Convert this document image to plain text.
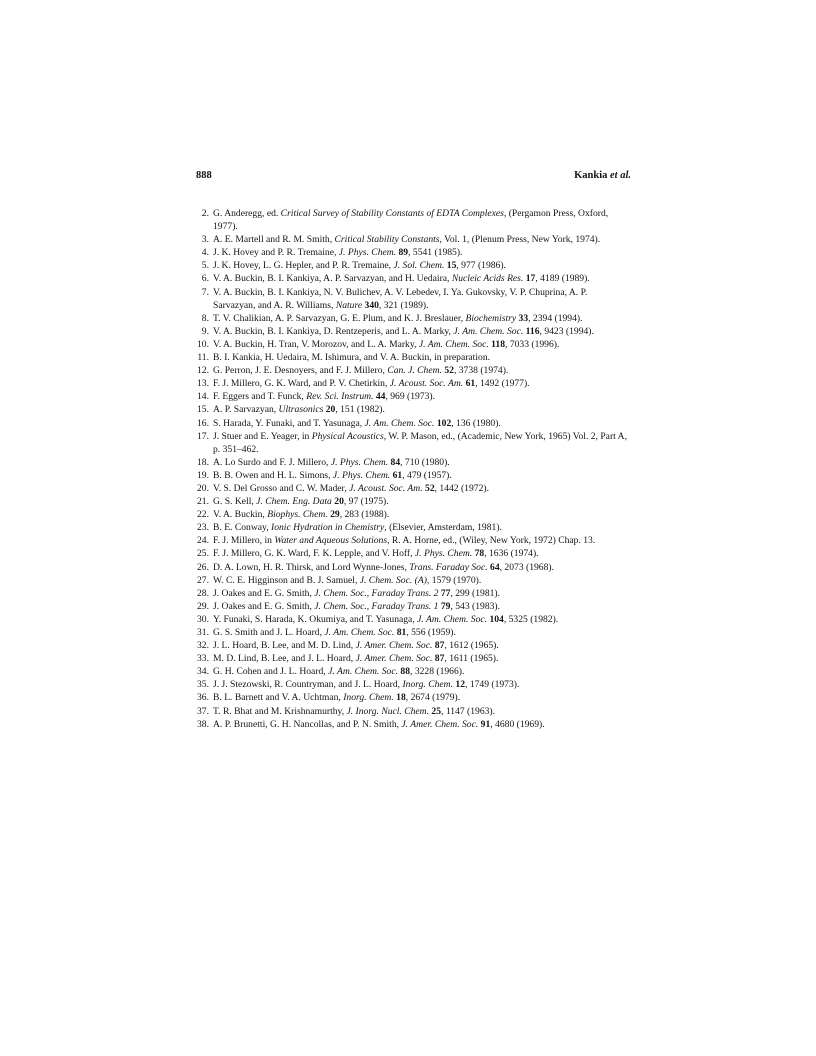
888	Kankia et al.
2. G. Anderegg, ed. Critical Survey of Stability Constants of EDTA Complexes, (Pergamon Press, Oxford, 1977).
3. A. E. Martell and R. M. Smith, Critical Stability Constants, Vol. 1, (Plenum Press, New York, 1974).
4. J. K. Hovey and P. R. Tremaine, J. Phys. Chem. 89, 5541 (1985).
5. J. K. Hovey, L. G. Hepler, and P. R. Tremaine, J. Sol. Chem. 15, 977 (1986).
6. V. A. Buckin, B. I. Kankiya, A. P. Sarvazyan, and H. Uedaira, Nucleic Acids Res. 17, 4189 (1989).
7. V. A. Buckin, B. I. Kankiya, N. V. Bulichev, A. V. Lebedev, I. Ya. Gukovsky, V. P. Chuprina, A. P. Sarvazyan, and A. R. Williams, Nature 340, 321 (1989).
8. T. V. Chalikian, A. P. Sarvazyan, G. E. Plum, and K. J. Breslauer, Biochemistry 33, 2394 (1994).
9. V. A. Buckin, B. I. Kankiya, D. Rentzeperis, and L. A. Marky, J. Am. Chem. Soc. 116, 9423 (1994).
10. V. A. Buckin, H. Tran, V. Morozov, and L. A. Marky, J. Am. Chem. Soc. 118, 7033 (1996).
11. B. I. Kankia, H. Uedaira, M. Ishimura, and V. A. Buckin, in preparation.
12. G. Perron, J. E. Desnoyers, and F. J. Millero, Can. J. Chem. 52, 3738 (1974).
13. F. J. Millero, G. K. Ward, and P. V. Chetirkin, J. Acoust. Soc. Am. 61, 1492 (1977).
14. F. Eggers and T. Funck, Rev. Sci. Instrum. 44, 969 (1973).
15. A. P. Sarvazyan, Ultrasonics 20, 151 (1982).
16. S. Harada, Y. Funaki, and T. Yasunaga, J. Am. Chem. Soc. 102, 136 (1980).
17. J. Stuer and E. Yeager, in Physical Acoustics, W. P. Mason, ed., (Academic, New York, 1965) Vol. 2, Part A, p. 351–462.
18. A. Lo Surdo and F. J. Millero, J. Phys. Chem. 84, 710 (1980).
19. B. B. Owen and H. L. Simons, J. Phys. Chem. 61, 479 (1957).
20. V. S. Del Grosso and C. W. Mader, J. Acoust. Soc. Am. 52, 1442 (1972).
21. G. S. Kell, J. Chem. Eng. Data 20, 97 (1975).
22. V. A. Buckin, Biophys. Chem. 29, 283 (1988).
23. B. E. Conway, Ionic Hydration in Chemistry, (Elsevier, Amsterdam, 1981).
24. F. J. Millero, in Water and Aqueous Solutions, R. A. Horne, ed., (Wiley, New York, 1972) Chap. 13.
25. F. J. Millero, G. K. Ward, F. K. Lepple, and V. Hoff, J. Phys. Chem. 78, 1636 (1974).
26. D. A. Lown, H. R. Thirsk, and Lord Wynne-Jones, Trans. Faraday Soc. 64, 2073 (1968).
27. W. C. E. Higginson and B. J. Samuel, J. Chem. Soc. (A), 1579 (1970).
28. J. Oakes and E. G. Smith, J. Chem. Soc., Faraday Trans. 2 77, 299 (1981).
29. J. Oakes and E. G. Smith, J. Chem. Soc., Faraday Trans. 1 79, 543 (1983).
30. Y. Funaki, S. Harada, K. Okumiya, and T. Yasunaga, J. Am. Chem. Soc. 104, 5325 (1982).
31. G. S. Smith and J. L. Hoard, J. Am. Chem. Soc. 81, 556 (1959).
32. J. L. Hoard, B. Lee, and M. D. Lind, J. Amer. Chem. Soc. 87, 1612 (1965).
33. M. D. Lind, B. Lee, and J. L. Hoard, J. Amer. Chem. Soc. 87, 1611 (1965).
34. G. H. Cohen and J. L. Hoard, J. Am. Chem. Soc. 88, 3228 (1966).
35. J. J. Stezowski, R. Countryman, and J. L. Hoard, Inorg. Chem. 12, 1749 (1973).
36. B. L. Barnett and V. A. Uchtman, Inorg. Chem. 18, 2674 (1979).
37. T. R. Bhat and M. Krishnamurthy, J. Inorg. Nucl. Chem. 25, 1147 (1963).
38. A. P. Brunetti, G. H. Nancollas, and P. N. Smith, J. Amer. Chem. Soc. 91, 4680 (1969).
